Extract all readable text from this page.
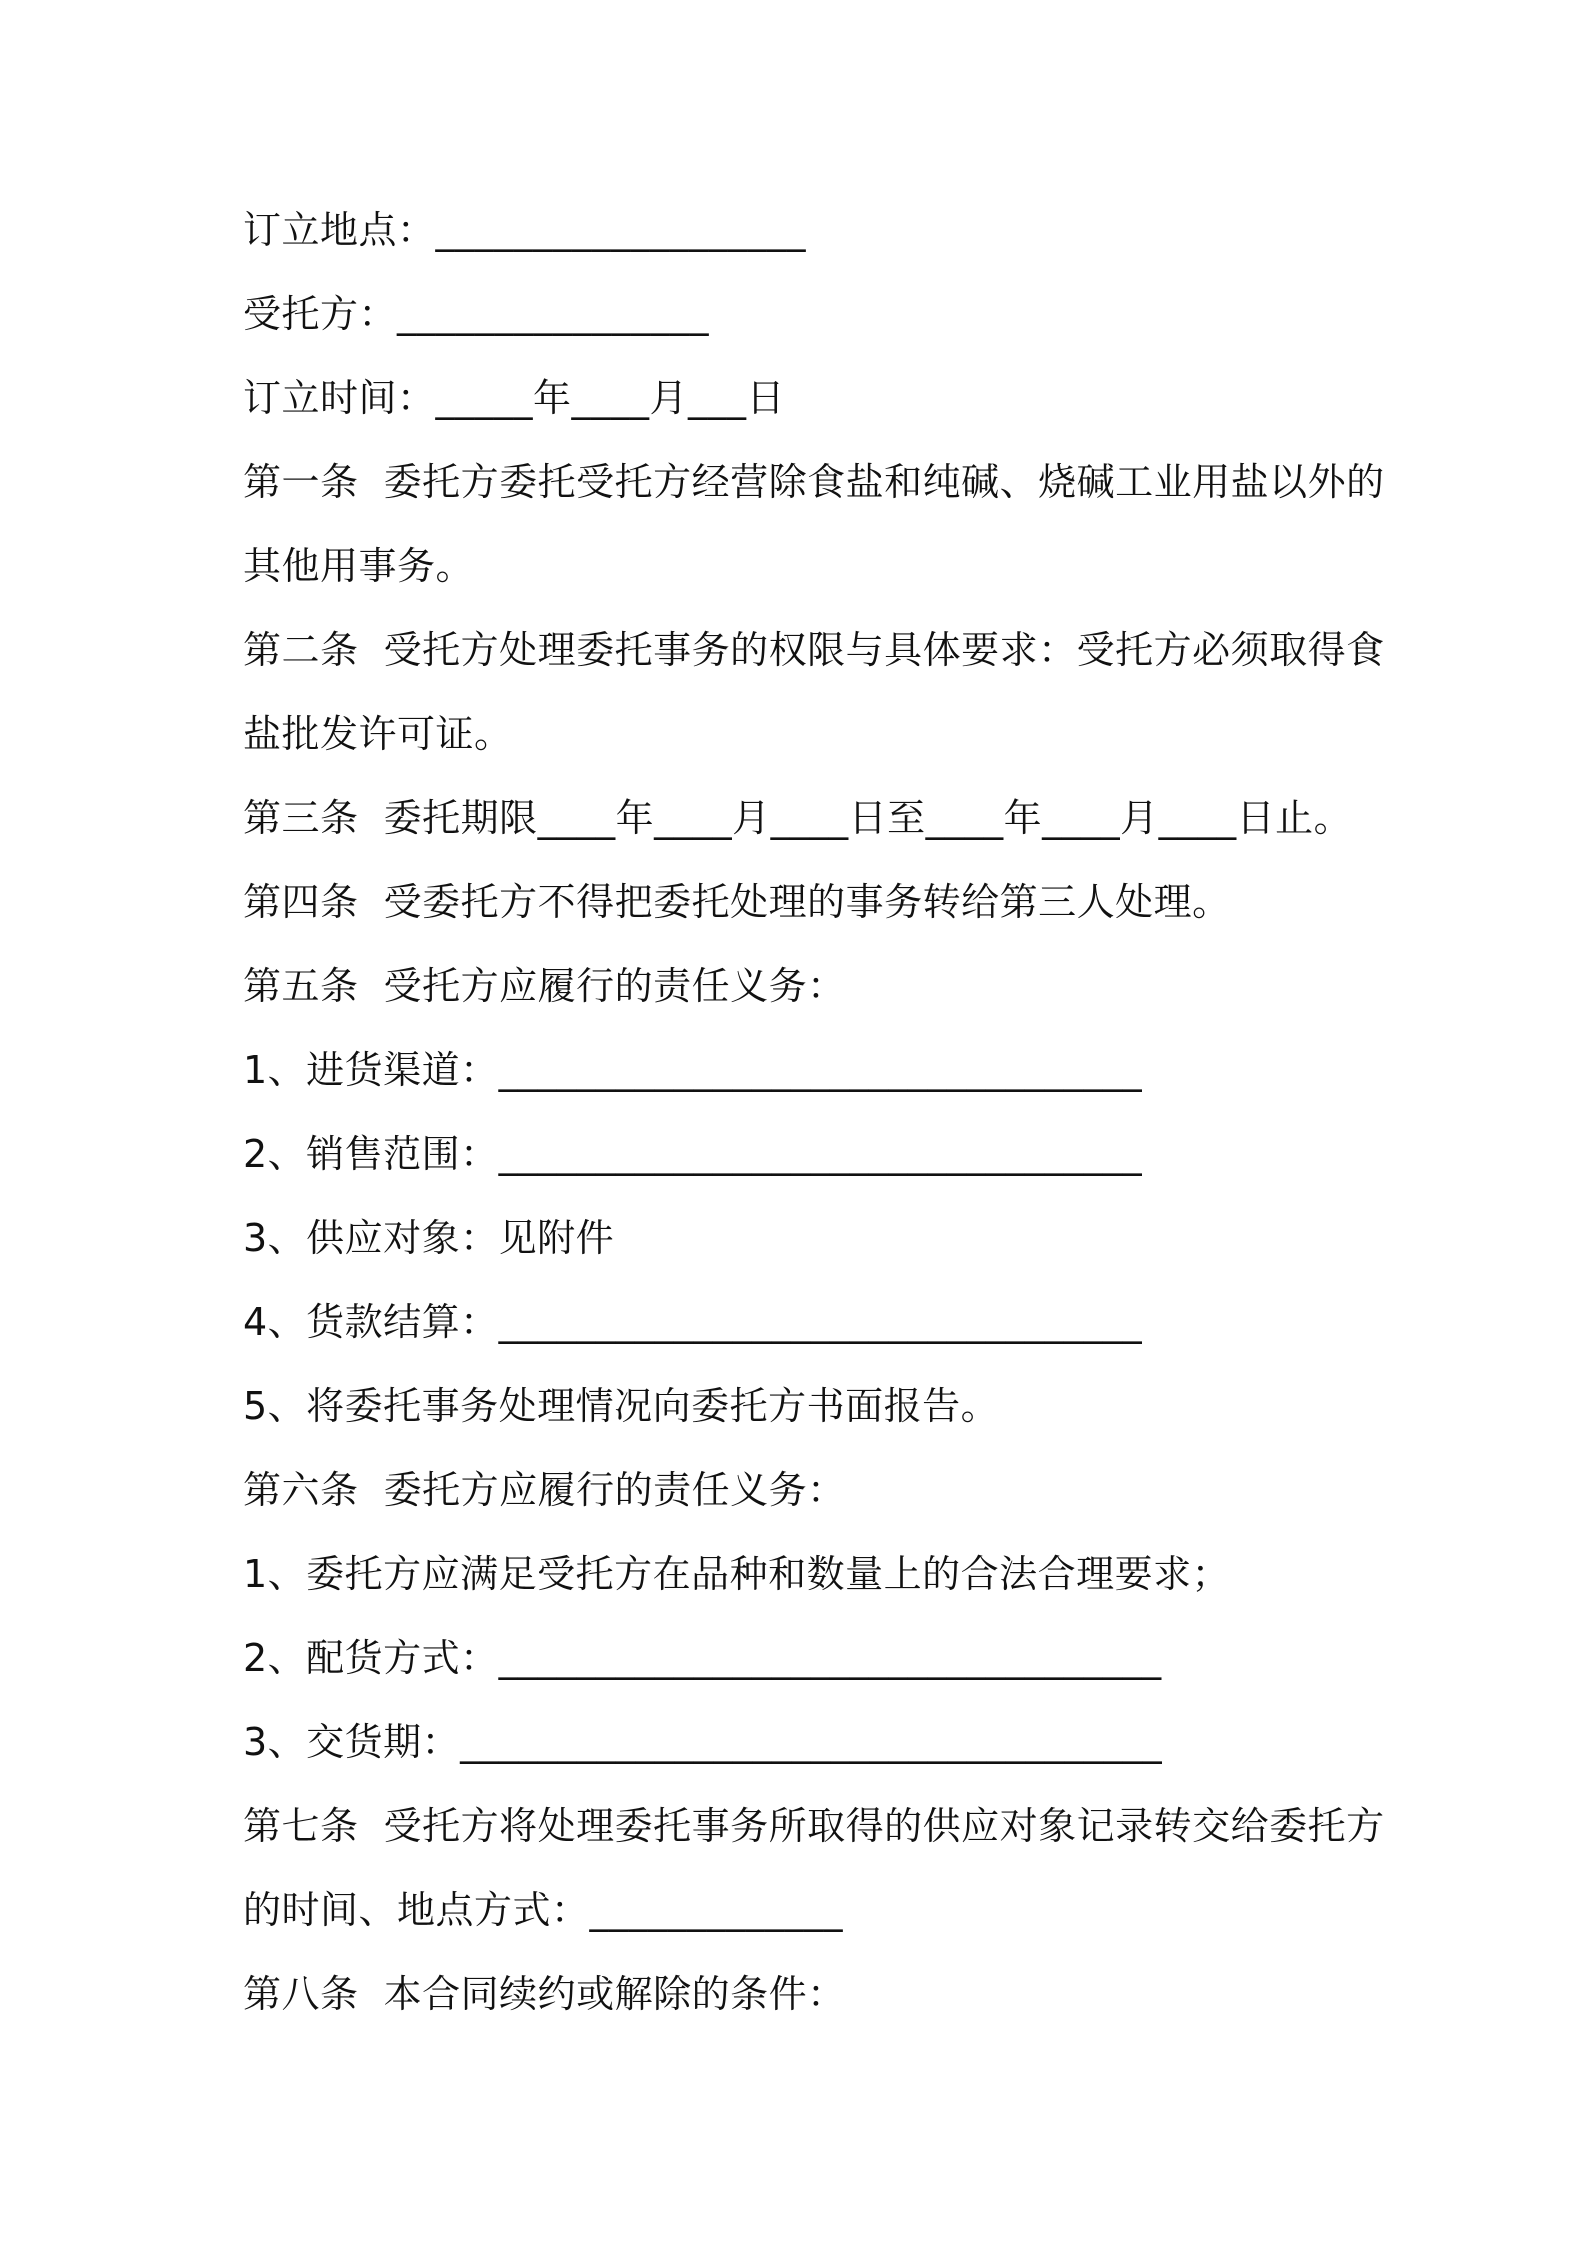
订立地点：___________________
受托方：________________
订立时间：_____年____月___日
第一条  委托方委托受托方经营除食盐和纯碱、烧碱工业用盐以外的
其他用事务。
第二条  受托方处理委托事务的权限与具体要求：受托方必须取得食
盐批发许可证。
第三条  委托期限____年____月____日至____年____月____日止。
第四条  受委托方不得把委托处理的事务转给第三人处理。
第五条  受托方应履行的责任义务：
1、进货渠道：_________________________________
2、销售范围：_________________________________
3、供应对象：见附件
4、货款结算：_________________________________
5、将委托事务处理情况向委托方书面报告。
第六条  委托方应履行的责任义务：
1、委托方应满足受托方在品种和数量上的合法合理要求；
2、配货方式：__________________________________
3、交货期：____________________________________
第七条  受托方将处理委托事务所取得的供应对象记录转交给委托方
的时间、地点方式：_____________
第八条  本合同续约或解除的条件：
